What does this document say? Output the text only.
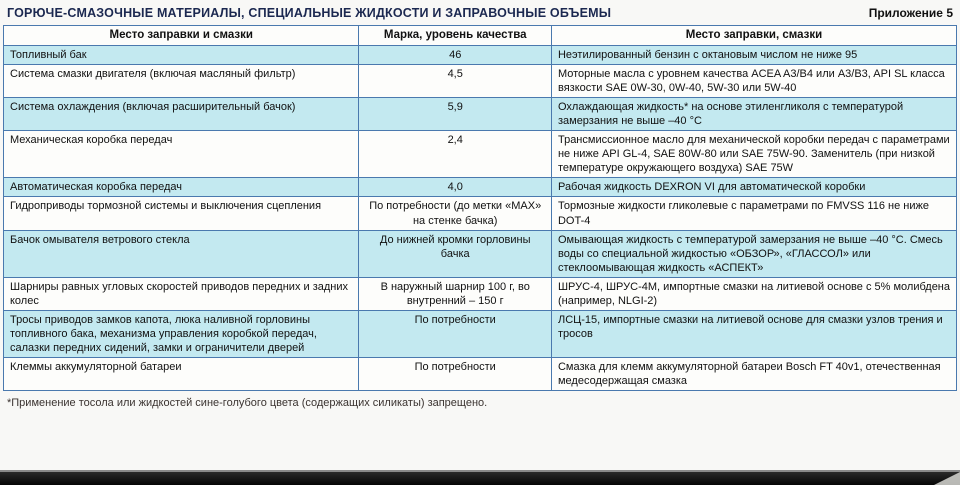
ГОРЮЧЕ-СМАЗОЧНЫЕ МАТЕРИАЛЫ, СПЕЦИАЛЬНЫЕ ЖИДКОСТИ И ЗАПРАВОЧНЫЕ ОБЪЕМЫ	Приложение 5
Место заправки и смазки	Марка, уровень качества	Место заправки, смазки
Топливный бак	46	Неэтилированный бензин с октановым числом не ниже 95
Система смазки двигателя (включая масляный фильтр)	4,5	Моторные масла с уровнем качества ACEA A3/B4 или A3/B3, API SL класса вязкости SAE 0W-30, 0W-40, 5W-30 или 5W-40
Система охлаждения (включая расширительный бачок)	5,9	Охлаждающая жидкость* на основе этиленгликоля с температурой замерзания не выше –40 °С
Механическая коробка передач	2,4	Трансмиссионное масло для механической коробки передач с параметрами не ниже API GL-4, SAE 80W-80 или SAE 75W-90. Заменитель (при низкой температуре окружающего воздуха) SAE 75W
Автоматическая коробка передач	4,0	Рабочая жидкость DEXRON VI для автоматической коробки
Гидроприводы тормозной системы и выключения сцепления	По потребности (до метки «MAX» на стенке бачка)	Тормозные жидкости гликолевые с параметрами по FMVSS 116 не ниже DOT-4
Бачок омывателя ветрового стекла	До нижней кромки горловины бачка	Омывающая жидкость с температурой замерзания не выше –40 °С. Смесь воды со специальной жидкостью «ОБЗОР», «ГЛАССОЛ» или стеклоомывающая жидкость «АСПЕКТ»
Шарниры равных угловых скоростей приводов передних и задних колес	В наружный шарнир 100 г, во внутренний – 150 г	ШРУС-4, ШРУС-4М, импортные смазки на литиевой основе с 5% молибдена (например, NLGI-2)
Тросы приводов замков капота, люка наливной горловины топливного бака, механизма управления коробкой передач, салазки передних сидений, замки и ограничители дверей	По потребности	ЛСЦ-15, импортные смазки на литиевой основе для смазки узлов трения и тросов
Клеммы аккумуляторной батареи	По потребности	Смазка для клемм аккумуляторной батареи Bosch FT 40v1, отечественная медесодержащая смазка
*Применение тосола или жидкостей сине-голубого цвета (содержащих силикаты) запрещено.
